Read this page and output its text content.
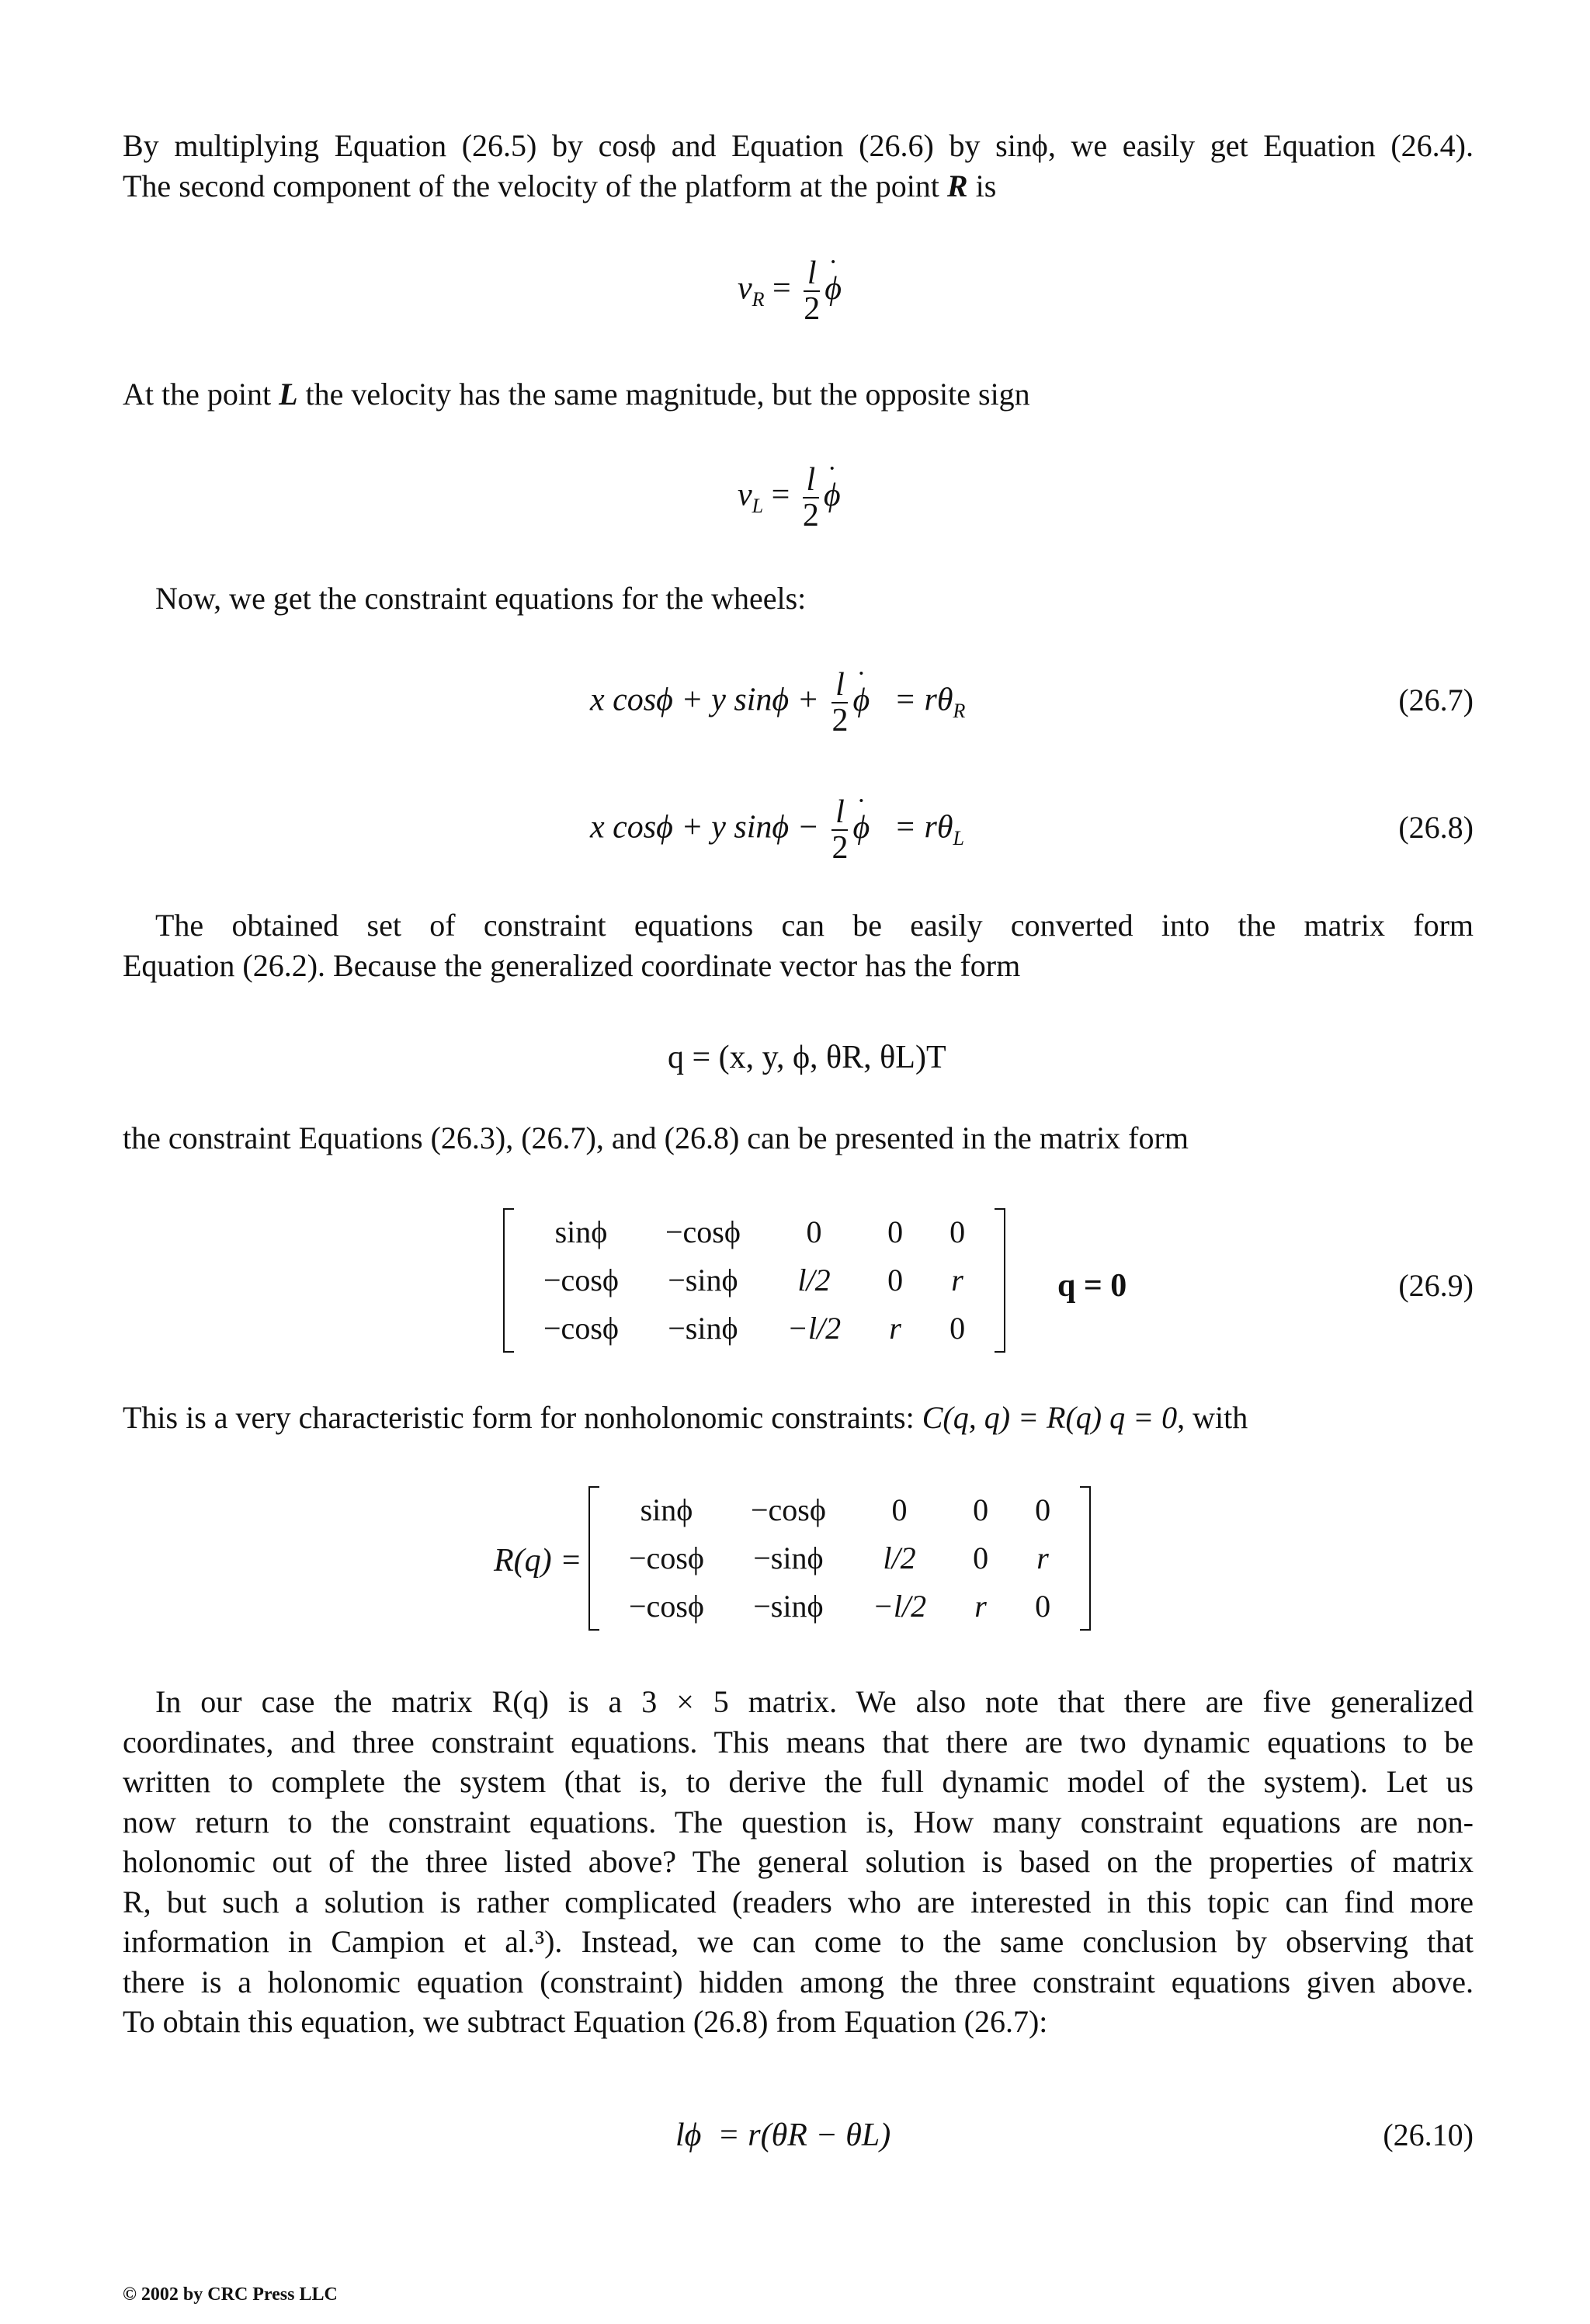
By multiplying Equation (26.5) by cosϕ and Equation (26.6) by sinϕ, we easily get Equation (26.4).

The second component of the velocity of the platform at the point R is

$v_R = \frac{l}{2}$ ˙ ϕ

At the point L the velocity has the same magnitude, but the opposite sign

$v_L = \frac{l}{2}$ ˙ ϕ

Now, we get the constraint equations for the wheels:

x cosϕ + y $\sin\phi + \frac{l}{2}$ ˙ $\phi = r\theta_R$	(26.7)
x cosϕ + y $\sin\phi - \frac{l}{2}$ ˙ $\phi = r\theta_L$	(26.8)

The obtained set of constraint equations can be easily converted into the matrix form

Equation (26.2). Because the generalized coordinate vector has the form

q = (x, y, ϕ, θR, θL)T

the constraint Equations (26.3), (26.7), and (26.8) can be presented in the matrix form

sinϕ	−cosϕ	0	0	0
−cosϕ	−sinϕ	l/2	0	r
−cosϕ	−sinϕ	−l/2	r	0
q = 0	(26.9)

This is a very characteristic form for nonholonomic constraints: C(q, q) = R(q) q = 0, with

R(q) =
sinϕ	−cosϕ	0	0	0
−cosϕ	−sinϕ	l/2	0	r
−cosϕ	−sinϕ	−l/2	r	0

In our case the matrix R(q) is a 3 × 5 matrix. We also note that there are five generalized

coordinates, and three constraint equations. This means that there are two dynamic equations to be

written to complete the system (that is, to derive the full dynamic model of the system). Let us

now return to the constraint equations. The question is, How many constraint equations are non-

holonomic out of the three listed above? The general solution is based on the properties of matrix

R, but such a solution is rather complicated (readers who are interested in this topic can find more

information in Campion et al.³). Instead, we can come to the same conclusion by observing that

there is a holonomic equation (constraint) hidden among the three constraint equations given above.

To obtain this equation, we subtract Equation (26.8) from Equation (26.7):

lϕ = r(θR − θL)	(26.10)
© 2002 by CRC Press LLC
